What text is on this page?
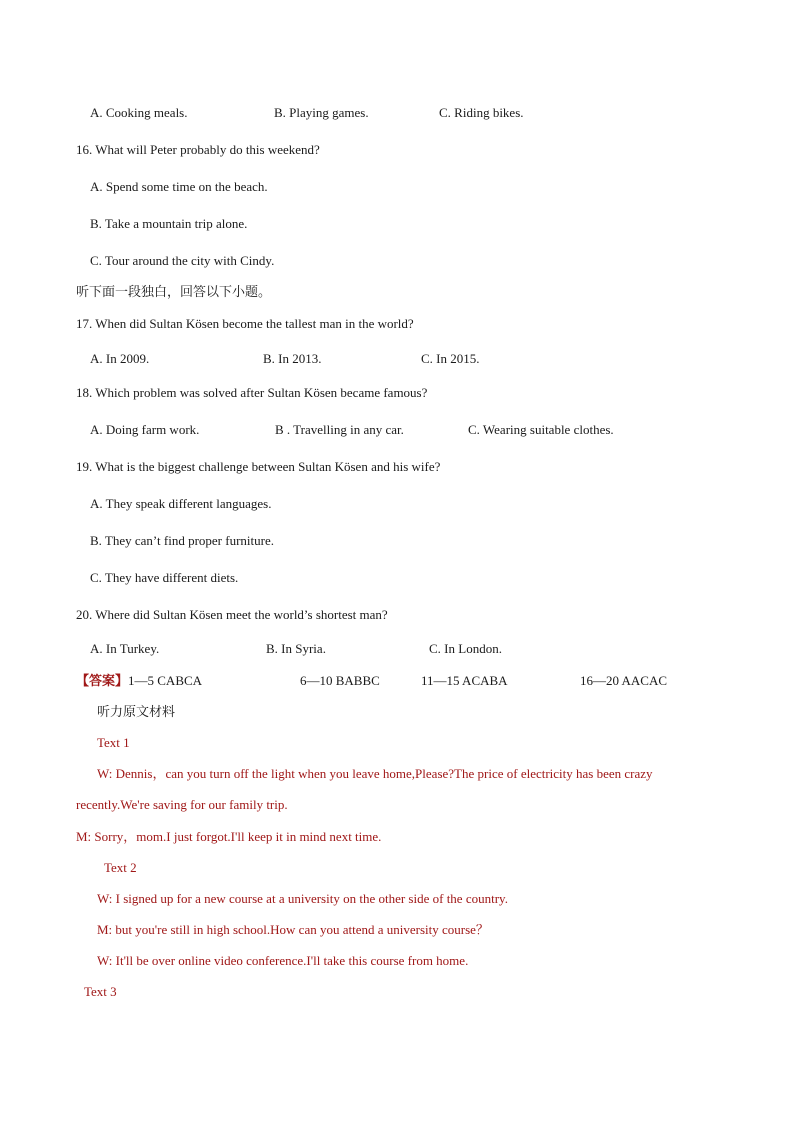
A. Cooking meals.	B. Playing games.	C. Riding bikes.
16. What will Peter probably do this weekend?
A. Spend some time on the beach.
B. Take a mountain trip alone.
C. Tour around the city with Cindy.
听下面一段独白，回答以下小题。
17. When did Sultan Kösen become the tallest man in the world?
A. In 2009.	B. In 2013.	C. In 2015.
18. Which problem was solved after Sultan Kösen became famous?
A. Doing farm work.	B . Travelling in any car.	C. Wearing suitable clothes.
19. What is the biggest challenge between Sultan Kösen and his wife?
A. They speak different languages.
B. They can’t find proper furniture.
C. They have different diets.
20. Where did Sultan Kösen meet the world’s shortest man?
A. In Turkey.	B. In Syria.	C. In London.
【答案】1—5 CABCA	6—10 BABBC	11—15 ACABA	16—20 AACAC
听力原文材料
Text 1
W: Dennis，can you turn off the light when you leave home,Please?The price of electricity has been crazy
recently.We're saving for our family trip.
M: Sorry，mom.I just forgot.I'll keep it in mind next time.
Text 2
W: I signed up for a new course at a university on the other side of the country.
M: but you're still in high school.How can you attend a university course？
W: It'll be over online video conference.I'll take this course from home.
Text 3
